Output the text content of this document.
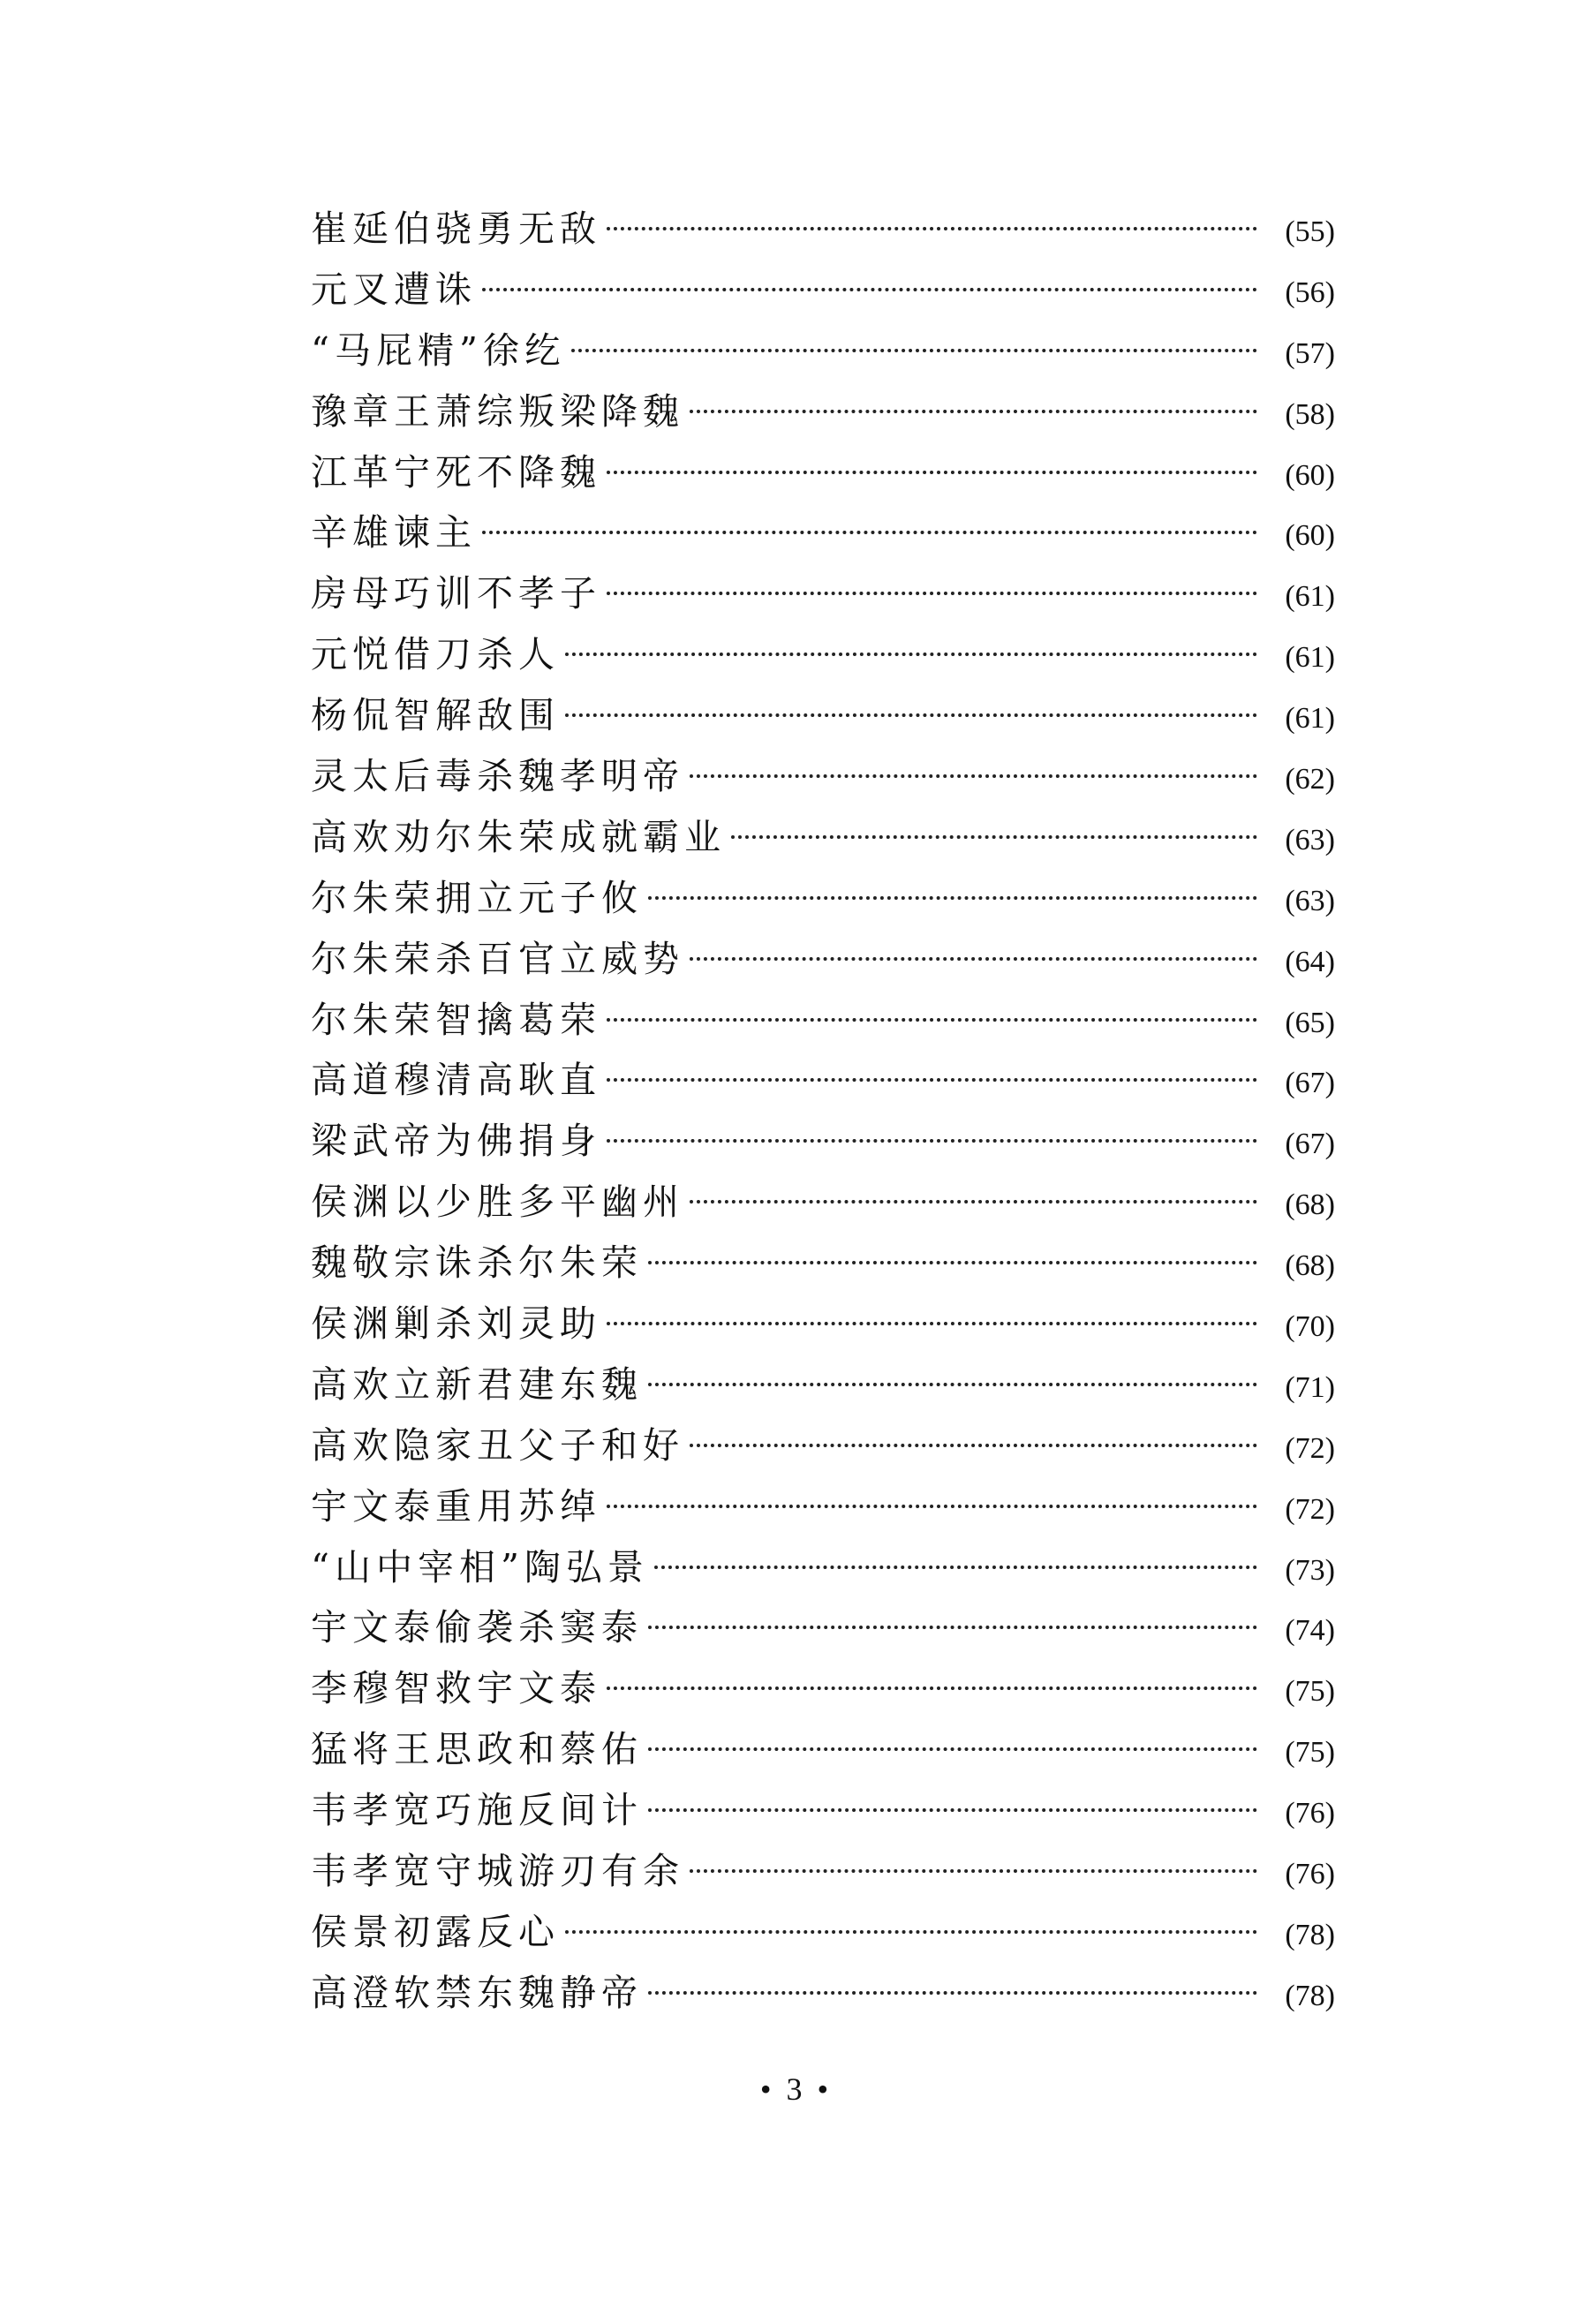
崔延伯骁勇无敌	(55)
元叉遭诛	(56)
“马屁精”徐纥	(57)
豫章王萧综叛梁降魏	(58)
江革宁死不降魏	(60)
辛雄谏主	(60)
房母巧训不孝子	(61)
元悦借刀杀人	(61)
杨侃智解敌围	(61)
灵太后毒杀魏孝明帝	(62)
高欢劝尔朱荣成就霸业	(63)
尔朱荣拥立元子攸	(63)
尔朱荣杀百官立威势	(64)
尔朱荣智擒葛荣	(65)
高道穆清高耿直	(67)
梁武帝为佛捐身	(67)
侯渊以少胜多平幽州	(68)
魏敬宗诛杀尔朱荣	(68)
侯渊剿杀刘灵助	(70)
高欢立新君建东魏	(71)
高欢隐家丑父子和好	(72)
宇文泰重用苏绰	(72)
“山中宰相”陶弘景	(73)
宇文泰偷袭杀窦泰	(74)
李穆智救宇文泰	(75)
猛将王思政和蔡佑	(75)
韦孝宽巧施反间计	(76)
韦孝宽守城游刃有余	(76)
侯景初露反心	(78)
高澄软禁东魏静帝	(78)
• 3 •
